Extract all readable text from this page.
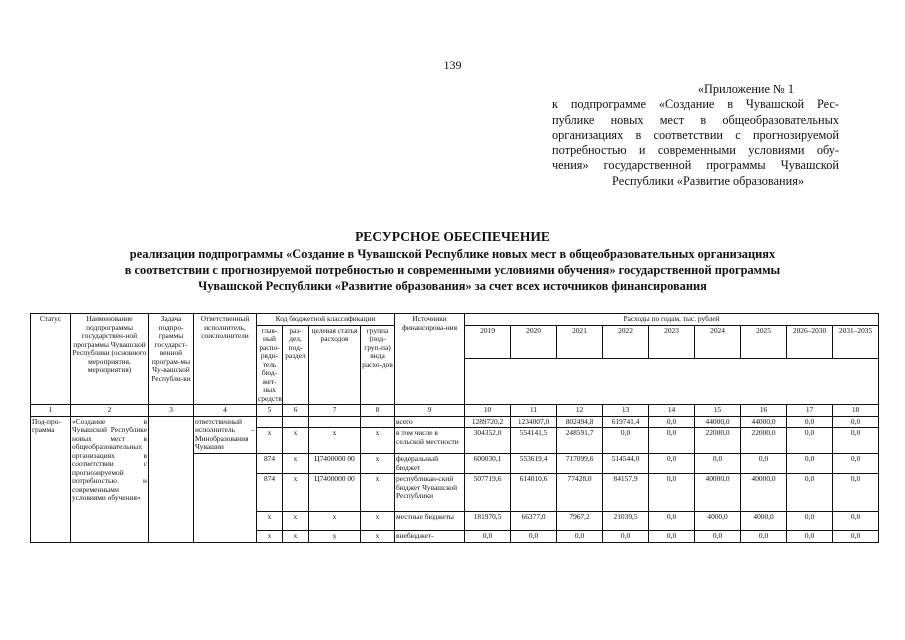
139
«Приложение № 1
к подпрограмме «Создание в Чувашской Рес-
публике новых мест в общеобразовательных
организациях в соответствии с прогнозируемой
потребностью и современными условиями обу-
чения» государственной программы Чувашской
Республики «Развитие образования»
РЕСУРСНОЕ ОБЕСПЕЧЕНИЕ
реализации подпрограммы «Создание в Чувашской Республике новых мест в общеобразовательных организациях
в соответствии с прогнозируемой потребностью и современными условиями обучения» государственной программы
Чувашской Республики «Развитие образования» за счет всех источников финансирования
Статус	Наименование подпрограммы государствен-ной программы Чувашской Республики (основного мероприятия, мероприятия)	Задача подпро-граммы государст-венной програм-мы Чу-вашской Республи-ки	Ответственный исполнитель, соисполнители	Код бюджетной классификации				Источники финансирова-ния	Расходы по годам, тыс. рублей								
				глав-ный распо-ряди-тель бюд-жет-ных средств	раз-дел, под-раздел	целевая статья расходов	группа (под-груп-па) вида расхо-дов		2019	2020	2021	2022	2023	2024	2025	2026–2030	2031–2035

1	2	3	4	5	6	7	8	9	10	11	12	13	14	15	16	17	18
Под-про-грамма	«Создание в Чувашской Республике новых мест в общеобразовательных организациях в соответствии с прогнозируемой потребностью и современными условиями обучения»		ответственный исполнитель – Минобразования Чувашии					всего	1289720,2	1234007,0	802494,8	619741,4	0,0	44000,0	44000,0	0,0	0,0
				x	x	x	x	в том числе в сельской местности	304352,0	554141,5	248591,7	0,0	0,0	22000,0	22000,0	0,0	0,0
				874	x	Ц7400000 00	x	федеральный бюджет	600030,1	553619,4	717099,6	514544,0	0,0	0,0	0,0	0,0	0,0
				874	x	Ц7400000 00	x	республикан-ский бюджет Чувашской Республики	507719,6	614010,6	77428,0	84157,9	0,0	40000,0	40000,0	0,0	0,0
				x	x	x	x	местные бюджеты	181970,5	66377,0	7967,2	21039,5	0,0	4000,0	4000,0	0,0	0,0
				x	x	x	x	внебюджет-	0,0	0,0	0,0	0,0	0,0	0,0	0,0	0,0	0,0
